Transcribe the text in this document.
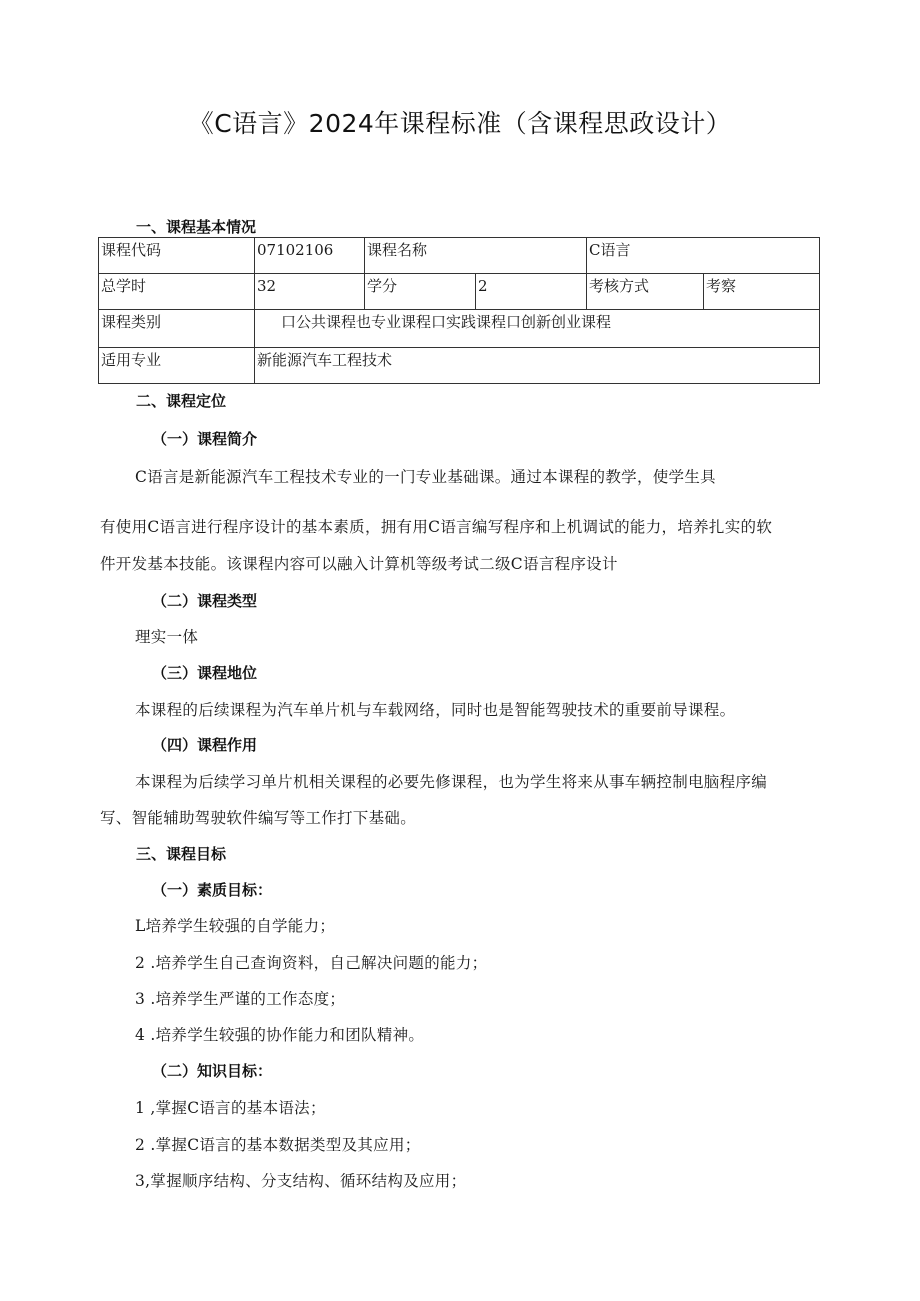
《C语言》2024年课程标准（含课程思政设计）
一、课程基本情况
课程代码	07102106	课程名称		C语言	
总学时	32	学分	2	考核方式	考察
课程类别	口公共课程也专业课程口实践课程口创新创业课程				
适用专业	新能源汽车工程技术				
二、课程定位
（一）课程简介
C语言是新能源汽车工程技术专业的一门专业基础课。通过本课程的教学，使学生具
有使用C语言进行程序设计的基本素质，拥有用C语言编写程序和上机调试的能力，培养扎实的软
件开发基本技能。该课程内容可以融入计算机等级考试二级C语言程序设计
（二）课程类型
理实一体
（三）课程地位
本课程的后续课程为汽车单片机与车载网络，同时也是智能驾驶技术的重要前导课程。
（四）课程作用
本课程为后续学习单片机相关课程的必要先修课程，也为学生将来从事车辆控制电脑程序编
写、智能辅助驾驶软件编写等工作打下基础。
三、课程目标
（一）素质目标：
L培养学生较强的自学能力；
2 .培养学生自己查询资料，自己解决问题的能力；
3 .培养学生严谨的工作态度；
4 .培养学生较强的协作能力和团队精神。
（二）知识目标：
1 ,掌握C语言的基本语法；
2 .掌握C语言的基本数据类型及其应用；
3,掌握顺序结构、分支结构、循环结构及应用；
